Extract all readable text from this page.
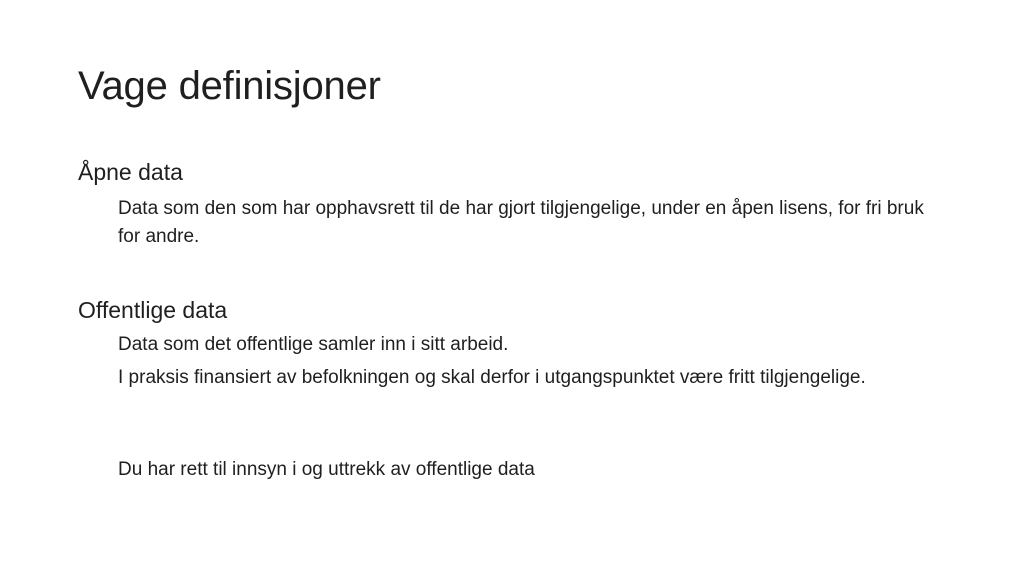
Vage definisjoner
Åpne data
Data som den som har opphavsrett til de har gjort tilgjengelige, under en åpen lisens, for fri bruk for andre.
Offentlige data
Data som det offentlige samler inn i sitt arbeid.
I praksis finansiert av befolkningen og skal derfor i utgangspunktet være fritt tilgjengelige.
Du har rett til innsyn i og uttrekk av offentlige data
